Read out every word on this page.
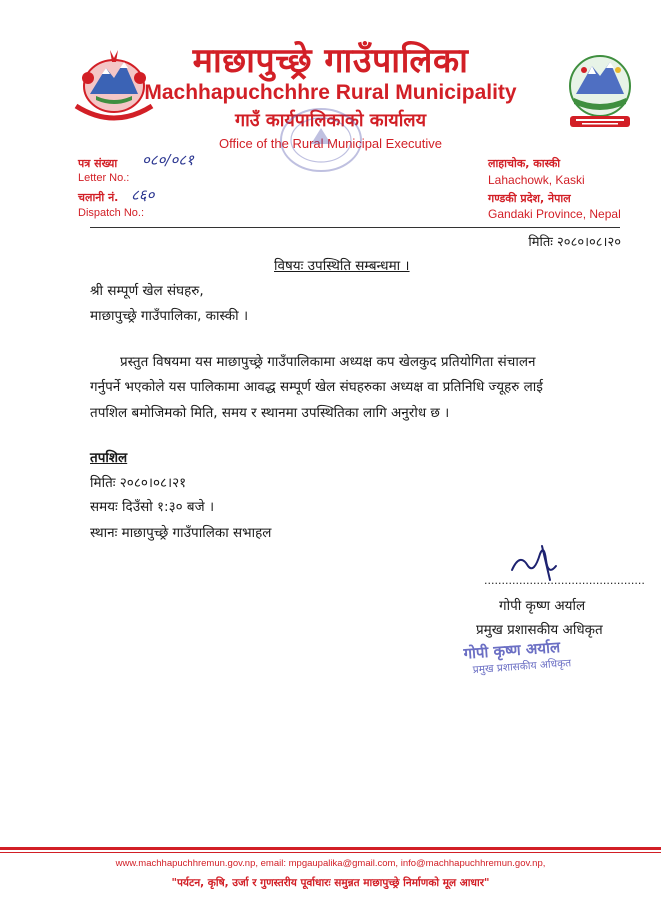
माछापुच्छ्रे गाउँपालिका
Machhapuchchhre Rural Municipality
गाउँ कार्यपालिकाको कार्यालय
Office of the Rural Municipal Executive
पत्र संख्या ०८०/०८१
Letter No.:
चलानी नं. ८६०
Dispatch No.:
लाहाचोक, कास्की
Lahachowk, Kaski
गण्डकी प्रदेश, नेपाल
Gandaki Province, Nepal
मितिः २०८०।०८।२०
विषयः उपस्थिति सम्बन्धमा ।
श्री सम्पूर्ण खेल संघहरु,
माछापुच्छ्रे गाउँपालिका, कास्की ।
प्रस्तुत विषयमा यस माछापुच्छ्रे गाउँपालिकामा अध्यक्ष कप खेलकुद प्रतियोगिता संचालन
गर्नुपर्ने भएकोले यस पालिकामा आवद्ध सम्पूर्ण खेल संघहरुका अध्यक्ष वा प्रतिनिधि ज्यूहरु लाई
तपशिल बमोजिमको मिति, समय र स्थानमा उपस्थितिका लागि अनुरोध छ ।
तपशिल
मितिः २०८०।०८।२१
समयः दिउँसो १:३० बजे ।
स्थानः माछापुच्छ्रे गाउँपालिका सभाहल
..............................................
गोपी कृष्ण अर्याल
प्रमुख प्रशासकीय अधिकृत
गोपी कृष्ण अर्याल
प्रमुख प्रशासकीय अधिकृत
www.machhapuchhremun.gov.np, email: mpgaupalika@gmail.com, info@machhapuchhremun.gov.np,
"पर्यटन, कृषि, उर्जा र गुणस्तरीय पूर्वाधारः समुन्नत माछापुच्छ्रे निर्माणको मूल आधार"
